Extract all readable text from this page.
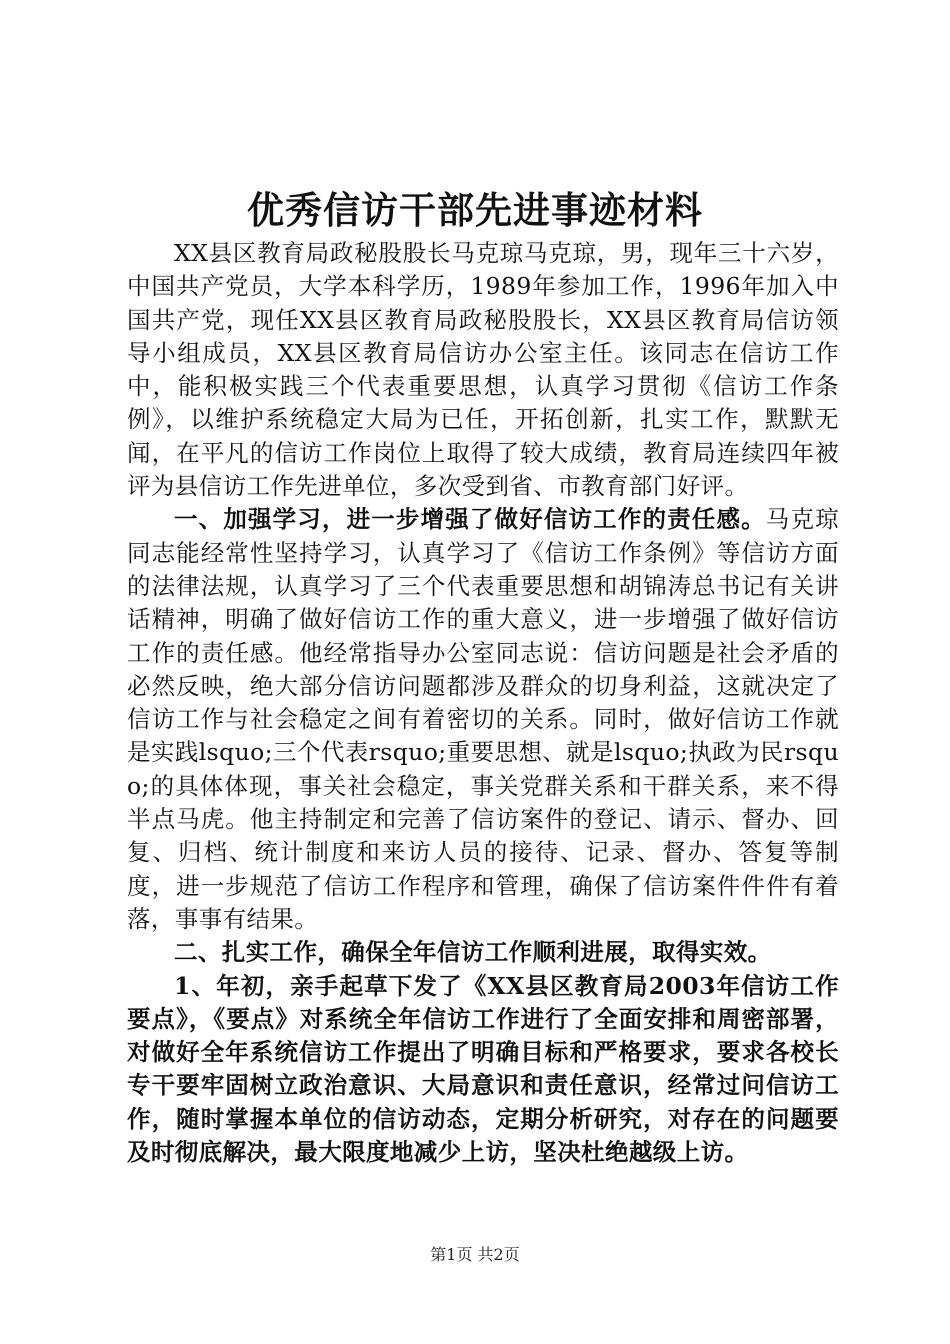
优秀信访干部先进事迹材料

XX县区教育局政秘股股长马克琼马克琼，男，现年三十六岁，中国共产党员，大学本科学历，1989年参加工作，1996年加入中国共产党，现任XX县区教育局政秘股股长，XX县区教育局信访领导小组成员，XX县区教育局信访办公室主任。该同志在信访工作中，能积极实践三个代表重要思想，认真学习贯彻《信访工作条例》，以维护系统稳定大局为已任，开拓创新，扎实工作，默默无闻，在平凡的信访工作岗位上取得了较大成绩，教育局连续四年被评为县信访工作先进单位，多次受到省、市教育部门好评。

一、加强学习，进一步增强了做好信访工作的责任感。马克琼同志能经常性坚持学习，认真学习了《信访工作条例》等信访方面的法律法规，认真学习了三个代表重要思想和胡锦涛总书记有关讲话精神，明确了做好信访工作的重大意义，进一步增强了做好信访工作的责任感。他经常指导办公室同志说：信访问题是社会矛盾的必然反映，绝大部分信访问题都涉及群众的切身利益，这就决定了信访工作与社会稳定之间有着密切的关系。同时，做好信访工作就是实践lsquo;三个代表rsquo;重要思想、就是lsquo;执政为民rsquo;的具体体现，事关社会稳定，事关党群关系和干群关系，来不得半点马虎。他主持制定和完善了信访案件的登记、请示、督办、回复、归档、统计制度和来访人员的接待、记录、督办、答复等制度，进一步规范了信访工作程序和管理，确保了信访案件件件有着落，事事有结果。

二、扎实工作，确保全年信访工作顺利进展，取得实效。

1、年初，亲手起草下发了《XX县区教育局2003年信访工作要点》，《要点》对系统全年信访工作进行了全面安排和周密部署，对做好全年系统信访工作提出了明确目标和严格要求，要求各校长专干要牢固树立政治意识、大局意识和责任意识，经常过问信访工作，随时掌握本单位的信访动态，定期分析研究，对存在的问题要及时彻底解决，最大限度地减少上访，坚决杜绝越级上访。

第1页 共2页
